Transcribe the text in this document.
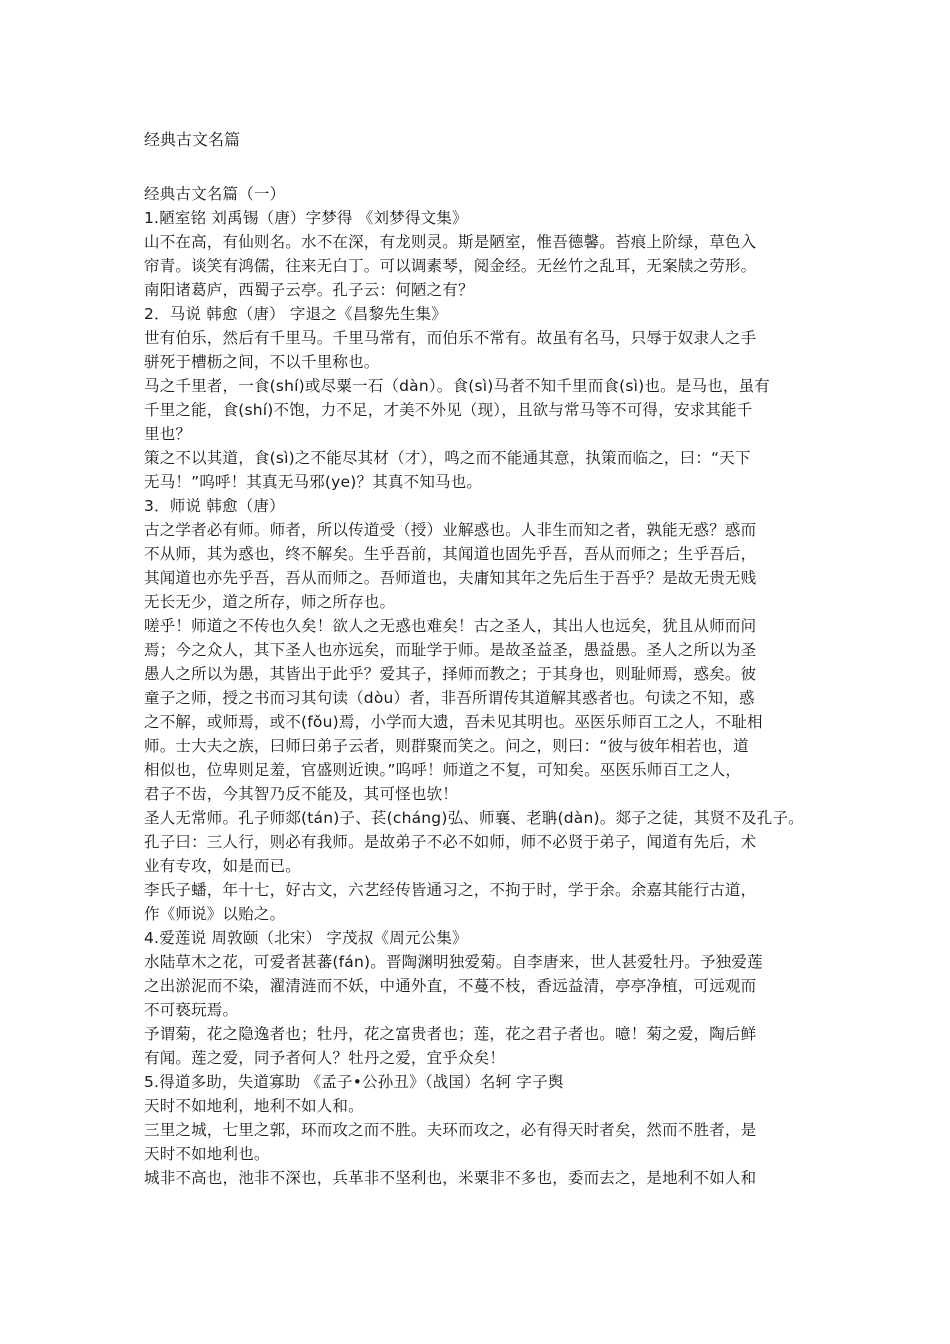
经典古文名篇

经典古文名篇（一）

1.陋室铭 刘禹锡（唐）字梦得 《刘梦得文集》

山不在高，有仙则名。水不在深，有龙则灵。斯是陋室，惟吾德馨。苔痕上阶绿，草色入

帘青。谈笑有鸿儒，往来无白丁。可以调素琴，阅金经。无丝竹之乱耳，无案牍之劳形。

南阳诸葛庐，西蜀子云亭。孔子云：何陋之有？

2．马说 韩愈（唐） 字退之《昌黎先生集》

世有伯乐，然后有千里马。千里马常有，而伯乐不常有。故虽有名马，只辱于奴隶人之手

骈死于槽枥之间，不以千里称也。

马之千里者，一食(shí)或尽粟一石（dàn）。食(sì)马者不知千里而食(sì)也。是马也，虽有

千里之能，食(shí)不饱，力不足，才美不外见（现），且欲与常马等不可得，安求其能千

里也？

策之不以其道，食(sì)之不能尽其材（才），鸣之而不能通其意，执策而临之，曰：“天下

无马！”呜呼！其真无马邪(ye)？其真不知马也。

3．师说 韩愈（唐）

古之学者必有师。师者，所以传道受（授）业解惑也。人非生而知之者，孰能无惑？惑而

不从师，其为惑也，终不解矣。生乎吾前，其闻道也固先乎吾，吾从而师之；生乎吾后，

其闻道也亦先乎吾，吾从而师之。吾师道也，夫庸知其年之先后生于吾乎？是故无贵无贱

无长无少，道之所存，师之所存也。

嗟乎！师道之不传也久矣！欲人之无惑也难矣！古之圣人，其出人也远矣，犹且从师而问

焉；今之众人，其下圣人也亦远矣，而耻学于师。是故圣益圣，愚益愚。圣人之所以为圣

愚人之所以为愚，其皆出于此乎？爱其子，择师而教之；于其身也，则耻师焉，惑矣。彼

童子之师，授之书而习其句读（dòu）者，非吾所谓传其道解其惑者也。句读之不知，惑

之不解，或师焉，或不(fǒu)焉，小学而大遗，吾未见其明也。巫医乐师百工之人，不耻相

师。士大夫之族，曰师曰弟子云者，则群聚而笑之。问之，则曰：“彼与彼年相若也，道

相似也，位卑则足羞，官盛则近谀。”呜呼！师道之不复，可知矣。巫医乐师百工之人，

君子不齿，今其智乃反不能及，其可怪也欤！

圣人无常师。孔子师郯(tán)子、苌(cháng)弘、师襄、老聃(dàn)。郯子之徒，其贤不及孔子。

孔子曰：三人行，则必有我师。是故弟子不必不如师，师不必贤于弟子，闻道有先后，术

业有专攻，如是而已。

李氏子蟠，年十七，好古文，六艺经传皆通习之，不拘于时，学于余。余嘉其能行古道，

作《师说》以贻之。

4.爱莲说 周敦颐（北宋） 字茂叔《周元公集》

水陆草木之花，可爱者甚蕃(fán)。晋陶渊明独爱菊。自李唐来，世人甚爱牡丹。予独爱莲

之出淤泥而不染，濯清涟而不妖，中通外直，不蔓不枝，香远益清，亭亭净植，可远观而

不可亵玩焉。

予谓菊，花之隐逸者也；牡丹，花之富贵者也；莲，花之君子者也。噫！菊之爱，陶后鲜

有闻。莲之爱，同予者何人？牡丹之爱，宜乎众矣！

5.得道多助，失道寡助 《孟子•公孙丑》（战国）名轲 字子舆

天时不如地利，地利不如人和。

三里之城，七里之郭，环而攻之而不胜。夫环而攻之，必有得天时者矣，然而不胜者，是

天时不如地利也。

城非不高也，池非不深也，兵革非不坚利也，米粟非不多也，委而去之，是地利不如人和
